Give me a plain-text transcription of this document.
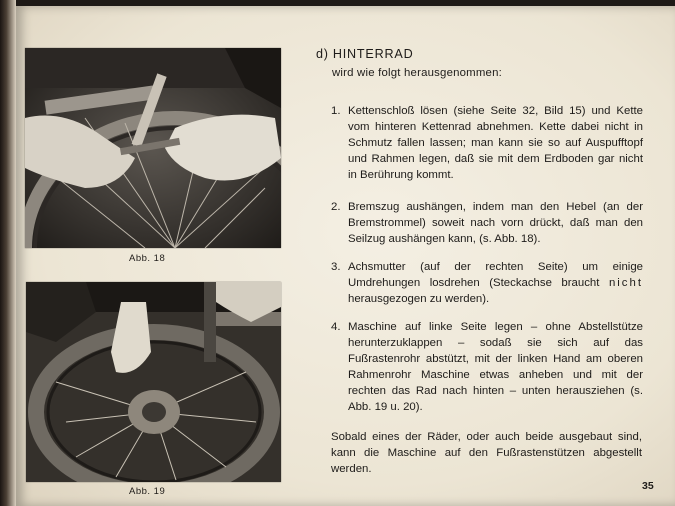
Abb. 18
Abb. 19
d) HINTERRAD
wird wie folgt herausgenommen:
1. Kettenschloß lösen (siehe Seite 32, Bild 15) und Kette vom hinteren Kettenrad abnehmen. Kette dabei nicht in Schmutz fallen lassen; man kann sie so auf Auspufftopf und Rahmen legen, daß sie mit dem Erdboden gar nicht in Berührung kommt.
2. Bremszug aushängen, indem man den Hebel (an der Bremstrommel) soweit nach vorn drückt, daß man den Seilzug aushängen kann, (s. Abb. 18).
3. Achsmutter (auf der rechten Seite) um einige Umdrehungen losdrehen (Steckachse braucht nicht herausgezogen zu werden).
4. Maschine auf linke Seite legen – ohne Abstellstütze herunterzuklappen – sodaß sie sich auf das Fußrastenrohr abstützt, mit der linken Hand am oberen Rahmenrohr Maschine etwas anheben und mit der rechten das Rad nach hinten – unten herausziehen (s. Abb. 19 u. 20).
Sobald eines der Räder, oder auch beide ausgebaut sind, kann die Maschine auf den Fußrastenstützen abgestellt werden.
35
